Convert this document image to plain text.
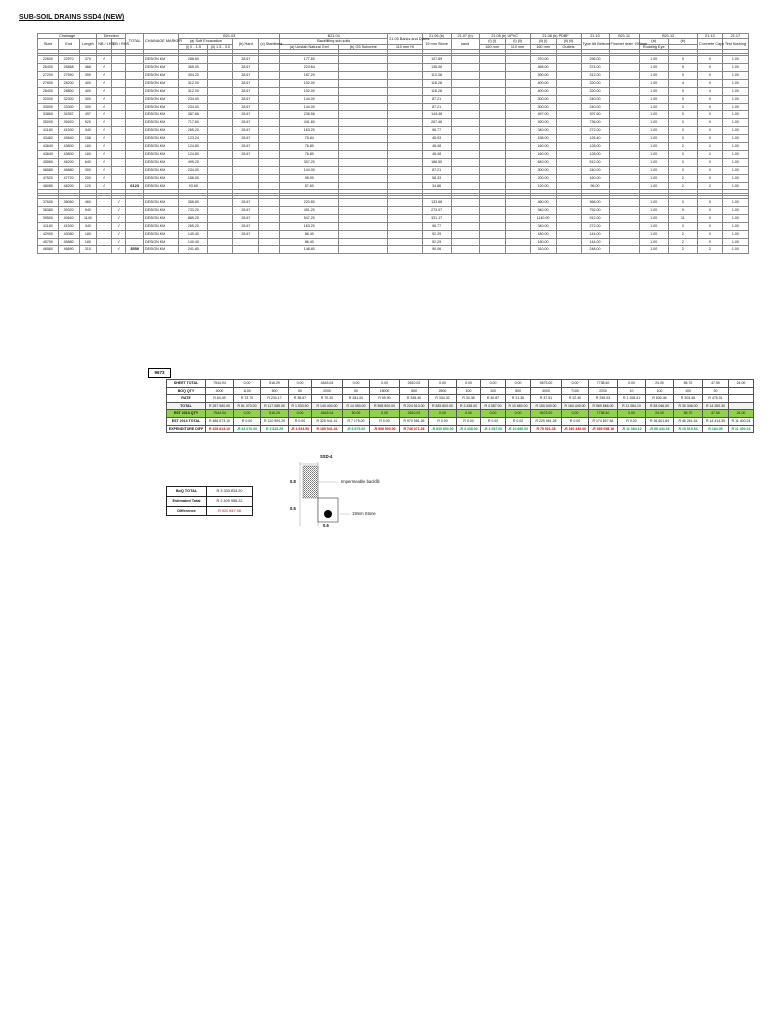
SUB-SOIL DRAINS SSD4 (NEW)
Chainage			Direction		TOTAL	CHAINAGE MARKER	B21.03				B21.04		21.05 Banks and Dykes	21.06 (b)	21.07 (b)	21.08 (b) UPVC		21.08 (b) PDBF		21.10	B21.11	B21.12		21.13	21.17
Start	End	Length	NB / LHS	SB / RHS			(a) Soft Excavation		(b) Hard	(c) Stabilised	Backfilling sub soils			19 mm Stone	sand	(i) (i)	(i) (ii)	(ii) (i)	(ii) (ii)	Type A6 Bidsum	Flownet drain 160mm	(a)	(b)	Concrete Caps	Test flushing
							(i) 0 - 1.5	(ii) 1.5 - 3.0			(a) Unstab Natural Grvl	(b) G5 Subcrete	110 mm Hl			160 mm	110 mm	160 mm	Outlets			Rodding Eye			

22600	22970	370	√			DESIGN KM	288.60		28.67		177.60			107.89				370.00		296.00		1.00	0	0	1.00
26400	26868	468	√			DESIGN KM	365.00		28.67		224.64			136.06				468.00		374.00		1.00	5	0	1.00
27200	27590	390	√			DESIGN KM	304.20		28.67		187.20			113.38				390.00		312.00		1.00	0	0	1.00
27800	28200	400	√			DESIGN KM	312.00		28.67		192.00			116.28				400.00		320.00		1.00	4	0	1.00
28400	28800	400	√			DESIGN KM	312.00		28.67		192.00			116.28				400.00		320.00		1.00	0	4	1.00
32000	32300	300	√			DESIGN KM	234.00		28.67		144.00			87.21				300.00		240.00		1.00	0	0	1.00
33000	33300	300	√			DESIGN KM	234.00		28.67		144.00			87.21				300.00		240.00		1.00	3	0	1.00
33860	34357	497	√			DESIGN KM	387.66		28.67		238.56			144.48				497.00		397.60		1.00	5	0	1.00
35000	35920	920	√			DESIGN KM	717.60		28.67		441.60			267.46				920.00		736.00		1.00	0	9	1.00
41160	41500	340	√			DESIGN KM	265.20		28.67		163.20			98.77				340.00		272.00		1.00	3	0	1.00
43482	43640	158	√			DESIGN KM	123.24		28.67		75.84			45.93				158.00		126.40		1.00	0	0	1.00
43640	43800	160	√			DESIGN KM	124.80		28.67		76.80			46.48				160.00		128.00		1.00	2	2	1.00
43640	43800	160	√			DESIGN KM	124.80		28.67		76.80			46.48				160.00		128.00		1.00	0	2	1.00
45560	46200	640	√			DESIGN KM	499.20				307.20			186.50				640.00		512.00		1.00	0	0	1.00
46580	46880	300	√			DESIGN KM	234.00				144.00			87.21				300.00		240.00		1.00	3	0	1.00
47520	47720	200	√			DESIGN KM	156.00				96.00			58.33				200.00		160.00		1.00	2	0	1.00
48080	48200	120	√		6123	DESIGN KM	93.60				57.60			34.86				120.00		96.00		1.00	2	2	1.00

37600	38060	460		√		DESIGN KM	358.80		28.67		220.80			133.68				460.00		368.00		1.00	0	5	1.00
38380	39320	940		√		DESIGN KM	733.20		28.67		451.20			273.07				940.00		752.00		1.00	9	0	1.00
39500	40640	1140		√		DESIGN KM	889.20		28.67		547.20			331.17				1140.00		912.00		1.00	11	0	1.00
41160	41500	340		√		DESIGN KM	265.20		28.67		163.20			98.77				340.00		272.00		1.00	3	0	1.00
42900	43080	180		√		DESIGN KM	140.40		28.67		86.40			52.29				180.00		144.00		1.00	2	0	1.00
45700	45880	180		√		DESIGN KM	140.40				86.40			52.29				180.00		144.00		1.00	2	0	1.00
46580	46890	310		√	3550	DESIGN KM	241.80				148.80			90.06				310.00		248.00		1.00	2	2	1.00
9673
SHEET TOTAL	7544.94	0.00	516.29	0.00	4643.04	0.00	0.00	2810.02	0.00	0.00	0.00	0.00	9673.00	0.00	7738.40	0.00	24.00	55.70	47.50	24.00
BOQ QTY	4000	1100	500	50	2000	50	15000	650	2500	100	100	500	4000	7100	2200	10	100	100	30	
RATE	R 64.49	R 73.70	R 234.17	R 38.67	R 70.20	R 281.00	R 59.90	R 345.40	R 334.32	R 34.38	R 40.87	R 21.36	R 37.51	R 22.40	R 259.03	R 1 108.41	R 830.46	R 303.46	R 475.01	
TOTAL	R 257 960.00	R 81 070.00	R 117 085.00	R 1 933.50	R 140 400.00	R 14 050.00	R 598 500.00	R 224 510.00	R 835 800.00	R 3 438.00	R 4 087.00	R 10 680.00	R 150 040.00	R 160 440.00	R 569 866.00	R 11 084.10	R 83 046.00	R 30 346.00	R 14 250.30	
EST 2013 QTY	7544.94	0.00	516.29	0.00	4643.04	50.00	0.00	2810.02	0.00	0.00	0.00	0.00	9673.00	0.00	7738.40	0.00	24.00	55.70	47.50	24.00
EST 2013 TOTAL	R 486 573.10	R 0.00	R 120 900.29	R 0.00	R 325 941.41	R 7 175.00	R 0.00	R 970 581.26	R 0.00	R 0.00	R 0.00	R 0.00	R 225 961.28	R 0.00	R 174 807.84	R 0.00	R 26 601.84	R 46 261.54	R 14 414.35	R 11 400.24
EXPENDITURE DIFF	R 228 613.10	-R 81 070.00	R 3 815.29	-R 1 933.50	R 185 541.41	-R 6 875.00	-R 598 500.00	R 746 071.26	-R 835 800.00	-R 3 438.00	-R 4 087.00	-R 10 680.00	R 75 921.28	-R 160 440.00	-R 395 058.16	-R 11 084.10	-R 56 444.16	R 15 915.54	R 164.05	R 11 400.24
BoQ TOTAL	R 3 330 834.20
Estimated Total	R 2 409 956.22
Difference	R 920 847.98
SSD-4
0.8
0.5
0.6
Impermeable backfill
19mm Stone
